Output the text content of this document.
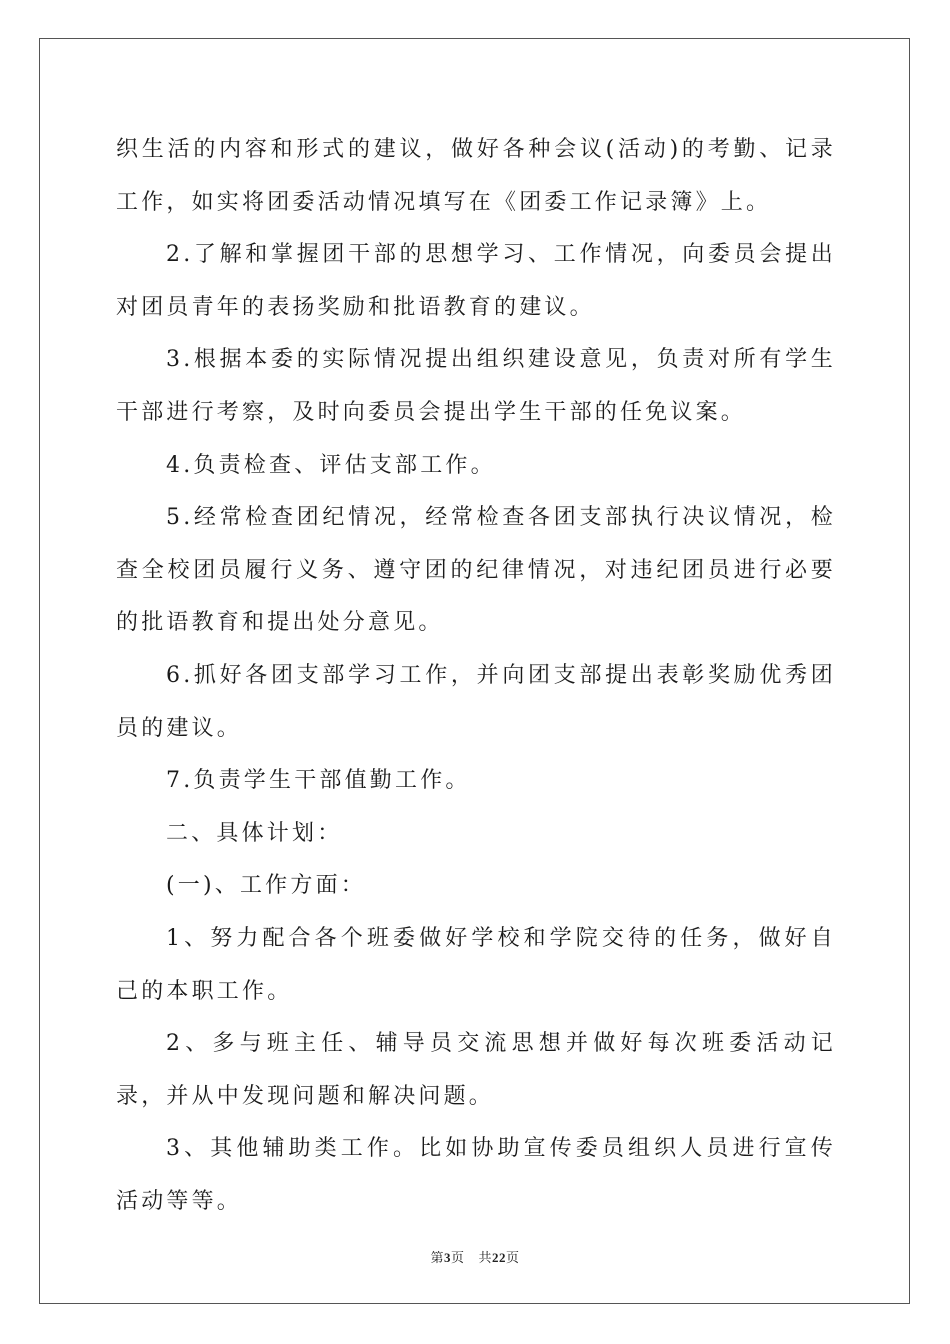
织生活的内容和形式的建议，做好各种会议(活动)的考勤、记录工作，如实将团委活动情况填写在《团委工作记录簿》上。

2.了解和掌握团干部的思想学习、工作情况，向委员会提出对团员青年的表扬奖励和批语教育的建议。

3.根据本委的实际情况提出组织建设意见，负责对所有学生干部进行考察，及时向委员会提出学生干部的任免议案。

4.负责检查、评估支部工作。

5.经常检查团纪情况，经常检查各团支部执行决议情况，检查全校团员履行义务、遵守团的纪律情况，对违纪团员进行必要的批语教育和提出处分意见。

6.抓好各团支部学习工作，并向团支部提出表彰奖励优秀团员的建议。

7.负责学生干部值勤工作。

二、具体计划：

(一)、工作方面：

1、努力配合各个班委做好学校和学院交待的任务，做好自己的本职工作。

2、多与班主任、辅导员交流思想并做好每次班委活动记录，并从中发现问题和解决问题。

3、其他辅助类工作。比如协助宣传委员组织人员进行宣传活动等等。

第3页 共22页
